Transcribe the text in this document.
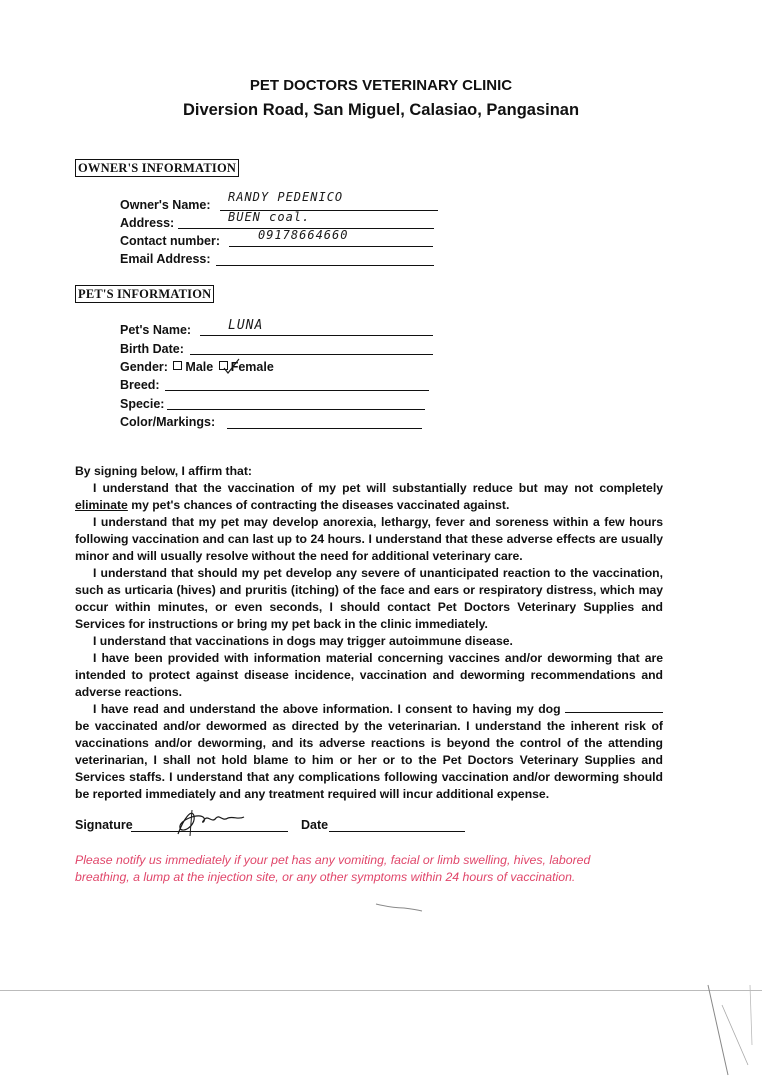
PET DOCTORS VETERINARY CLINIC
Diversion Road, San Miguel, Calasiao, Pangasinan
OWNER'S INFORMATION
Owner's Name:
RANDY PEDENICO
Address:	BUEN coal.
Contact number:	09178664660
Email Address:
PET'S INFORMATION
Pet's Name:	LUNA
Birth Date:
Gender: Male Female
Breed:
Specie:
Color/Markings:

By signing below, I affirm that:

I understand that the vaccination of my pet will substantially reduce but may not completely eliminate my pet's chances of contracting the diseases vaccinated against.

I understand that my pet may develop anorexia, lethargy, fever and soreness within a few hours following vaccination and can last up to 24 hours. I understand that these adverse effects are usually minor and will usually resolve without the need for additional veterinary care.

I understand that should my pet develop any severe of unanticipated reaction to the vaccination, such as urticaria (hives) and pruritis (itching) of the face and ears or respiratory distress, which may occur within minutes, or even seconds, I should contact Pet Doctors Veterinary Supplies and Services for instructions or bring my pet back in the clinic immediately.

I understand that vaccinations in dogs may trigger autoimmune disease.

I have been provided with information material concerning vaccines and/or deworming that are intended to protect against disease incidence, vaccination and deworming recommendations and adverse reactions.

I have read and understand the above information. I consent to having my dog  be vaccinated and/or dewormed as directed by the veterinarian. I understand the inherent risk of vaccinations and/or deworming, and its adverse reactions is beyond the control of the attending veterinarian, I shall not hold blame to him or her or to the Pet Doctors Veterinary Supplies and Services staffs. I understand that any complications following vaccination and/or deworming should be reported immediately and any treatment required will incur additional expense.

Signature	Date
Please notify us immediately if your pet has any vomiting, facial or limb swelling, hives, labored breathing, a lump at the injection site, or any other symptoms within 24 hours of vaccination.
